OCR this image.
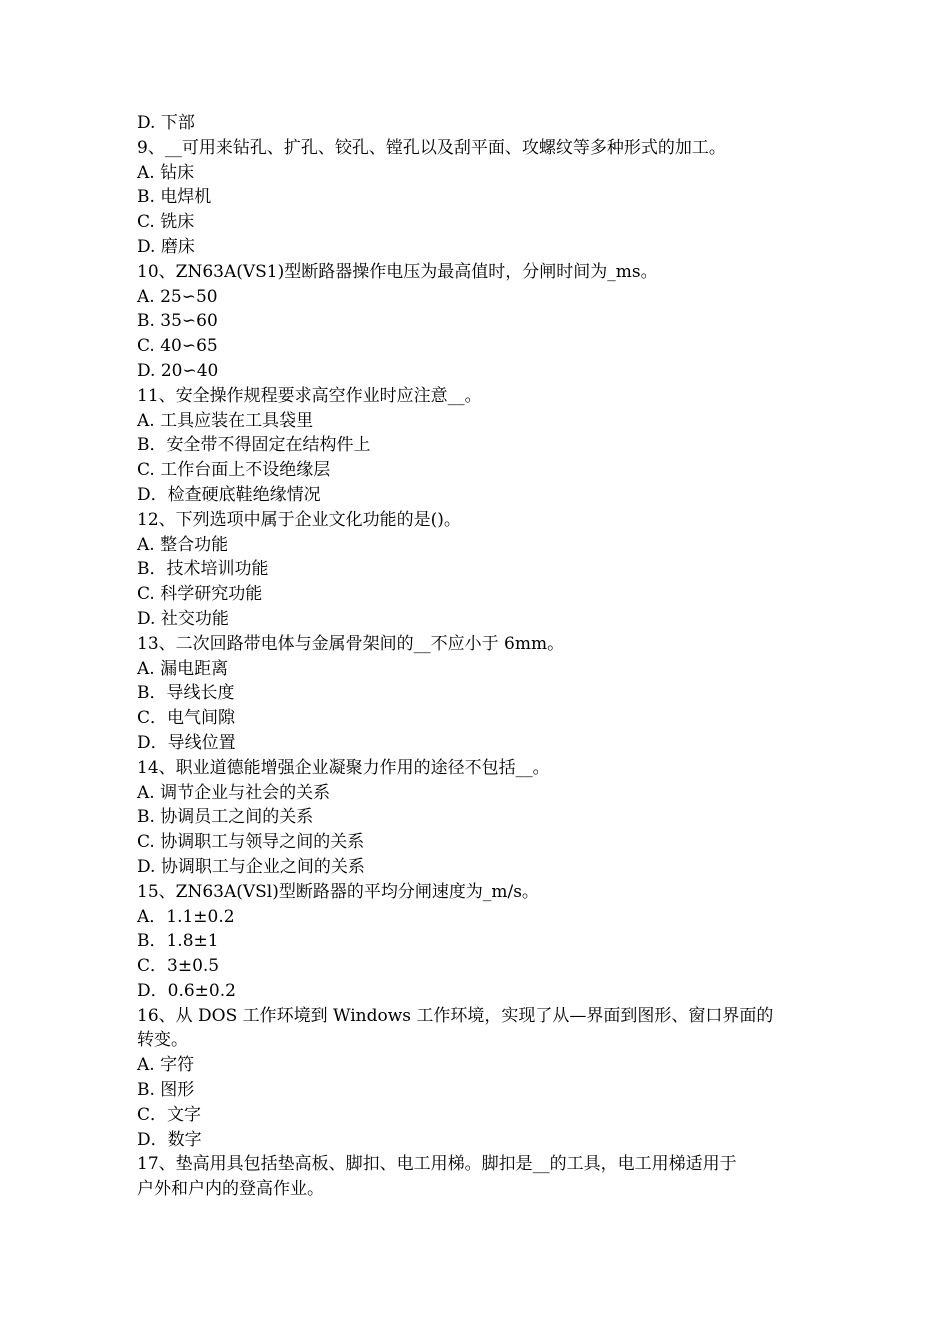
D. 下部
9、__可用来钻孔、扩孔、铰孔、镗孔以及刮平面、攻螺纹等多种形式的加工。
A. 钻床
B. 电焊机
C. 铣床
D. 磨床
10、ZN63A(VS1)型断路器操作电压为最高值时，分闸时间为_ms。
A. 25∽50
B. 35∽60
C. 40∽65
D. 20∽40
11、安全操作规程要求高空作业时应注意__。
A. 工具应装在工具袋里
B．安全带不得固定在结构件上
C. 工作台面上不设绝缘层
D．检查硬底鞋绝缘情况
12、下列选项中属于企业文化功能的是()。
A. 整合功能
B．技术培训功能
C. 科学研究功能
D. 社交功能
13、二次回路带电体与金属骨架间的__不应小于 6mm。
A. 漏电距离
B．导线长度
C．电气间隙
D．导线位置
14、职业道德能增强企业凝聚力作用的途径不包括__。
A. 调节企业与社会的关系
B. 协调员工之间的关系
C. 协调职工与领导之间的关系
D. 协调职工与企业之间的关系
15、ZN63A(VSl)型断路器的平均分闸速度为_m/s。
A．1.1±0.2
B．1.8±1
C．3±0.5
D．0.6±0.2
16、从 DOS 工作环境到 Windows 工作环境，实现了从—界面到图形、窗口界面的
转变。
A. 字符
B. 图形
C．文字
D．数字
17、垫高用具包括垫高板、脚扣、电工用梯。脚扣是__的工具，电工用梯适用于
户外和户内的登高作业。
